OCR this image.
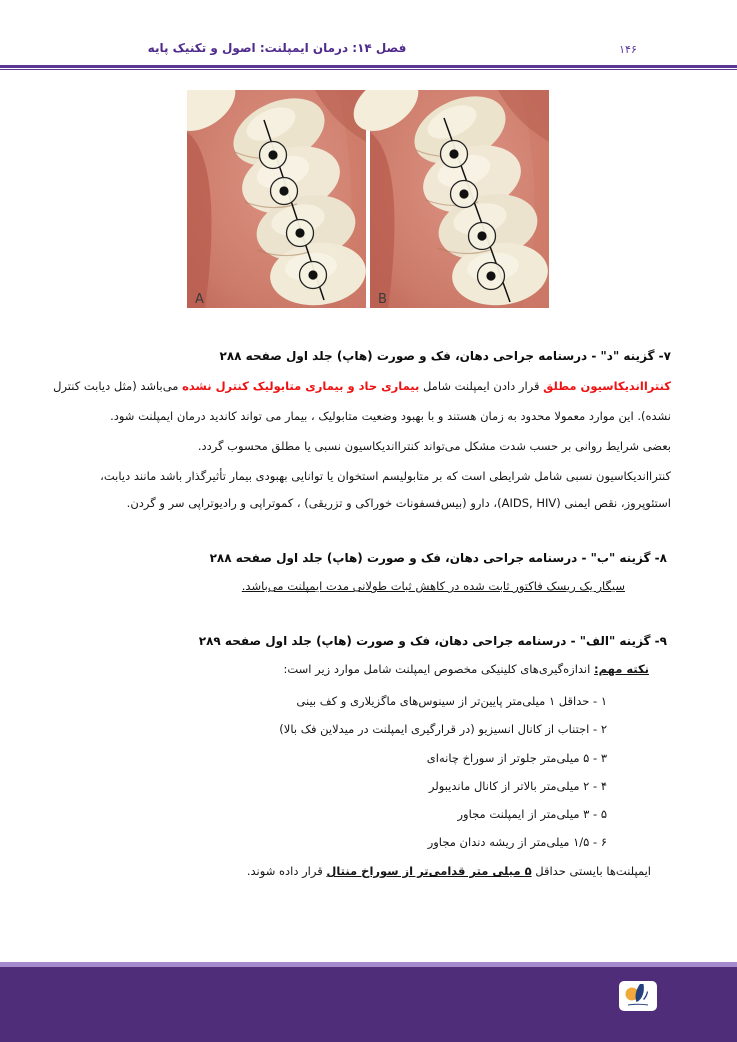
۱۴۶
فصل ۱۴: درمان ایمپلنت: اصول و تکنیک پایه
A	B
۷- گزینه "د" - درسنامه جراحی دهان، فک و صورت (هاپ) جلد اول صفحه ۲۸۸
کنترااندیکاسیون مطلق قرار دادن ایمپلنت شامل بیماری حاد و بیماری متابولیک کنترل نشده می‌باشد (مثل دیابت کنترل
نشده). این موارد معمولا محدود به زمان هستند و با بهبود وضعیت متابولیک ، بیمار می تواند کاندید درمان ایمپلنت شود.
بعضی شرایط روانی بر حسب شدت مشکل می‌تواند کنترااندیکاسیون نسبی یا مطلق محسوب گردد.
کنترااندیکاسیون نسبی شامل شرایطی است که بر متابولیسم استخوان یا توانایی بهبودی بیمار تأثیرگذار باشد مانند دیابت،
استئوپروز، نقص ایمنی (AIDS, HIV)، دارو (بیس‌فسفونات خوراکی و تزریقی) ، کموتراپی و رادیوتراپی سر و گردن.
۸- گزینه "ب" - درسنامه جراحی دهان، فک و صورت (هاپ) جلد اول صفحه ۲۸۸
سیگار یک ریسک فاکتور ثابت شده در کاهش ثبات طولانی مدت ایمپلنت می‌باشد.
۹- گزینه "الف" - درسنامه جراحی دهان، فک و صورت (هاپ) جلد اول صفحه ۲۸۹
نکته مهم: اندازه‌گیری‌های کلینیکی مخصوص ایمپلنت شامل موارد زیر است:
۱ - حداقل ۱ میلی‌متر پایین‌تر از سینوس‌های ماگزیلاری و کف بینی
۲ - اجتناب از کانال انسیزیو (در قرارگیری ایمپلنت در میدلاین فک بالا)
۳ - ۵ میلی‌متر جلوتر از سوراخ چانه‌ای
۴ - ۲ میلی‌متر بالاتر از کانال ماندیبولر
۵ - ۳ میلی‌متر از ایمپلنت مجاور
۶ - ۱/۵ میلی‌متر از ریشه دندان مجاور
ایمپلنت‌ها بایستی حداقل ۵ میلی متر قدامی‌تر از سوراخ منتال قرار داده شوند.
